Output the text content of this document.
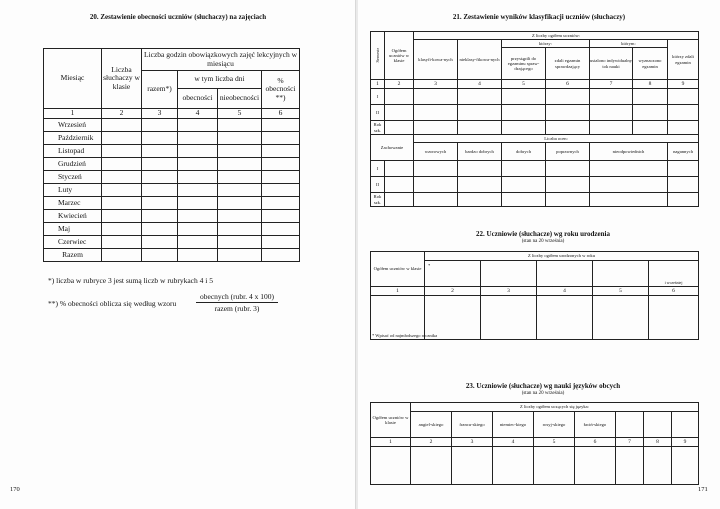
20. Zestawienie obecności uczniów (słuchaczy) na zajęciach
Miesiąc	Liczba słuchaczy w klasie	Liczba godzin obowiązkowych zajęć lekcyjnych w miesiącu			
		razem*)	w tym liczba dni		% obecności **)
			obecności	nieobecności	
1	2	3	4	5	6
Wrzesień					
Październik					
Listopad					
Grudzień					
Styczeń					
Luty					
Marzec					
Kwiecień					
Maj					
Czerwiec					
Razem					
*) liczba w rubryce 3 jest sumą liczb w rubrykach 4 i 5
**) % obecności oblicza się według wzoru
obecnych (rubr. 4 x 100)
razem (rubr. 3)
170
21. Zestawienie wyników klasyfikacji uczniów (słuchaczy)
Semestr	Ogółem uczniów w klasie	Z liczby ogółem uczniów:						
		klasyfi-kowa-nych	nieklasy-fikowa-nych	którzy:		którym:		którzy zdali egzamin
				przystąpili do egzaminu spraw-dzającego	zdali egzamin sprawdzający	ustalono indywidualny tok nauki	wyznaczono egzamin	
1	2	3	4	5	6	7	8	9
I								
II								
Rok szk.								
Zachowanie		Liczba ocen:						
		wzorowych	bardzo dobrych	dobrych	poprawnych	nieodpowiednich		nagannych
I								
II								
Rok szk.								
22. Uczniowie (słuchacze) wg roku urodzenia
(stan na 20 września)
Ogółem uczniów w klasie	Z liczby ogółem urodzonych w roku				
	*				i wcześniej
1	2	3	4	5	6

* Wpisać od najmłodszego rocznika
23. Uczniowie (słuchacze) wg nauki języków obcych
(stan na 20 września)
Ogółem uczniów w klasie	Z liczby ogółem uczących się języka:							
	angiel-skiego	francu-skiego	niemiec-kiego	rosyj-skiego	łaciń-skiego			
1	2	3	4	5	6	7	8	9

171
